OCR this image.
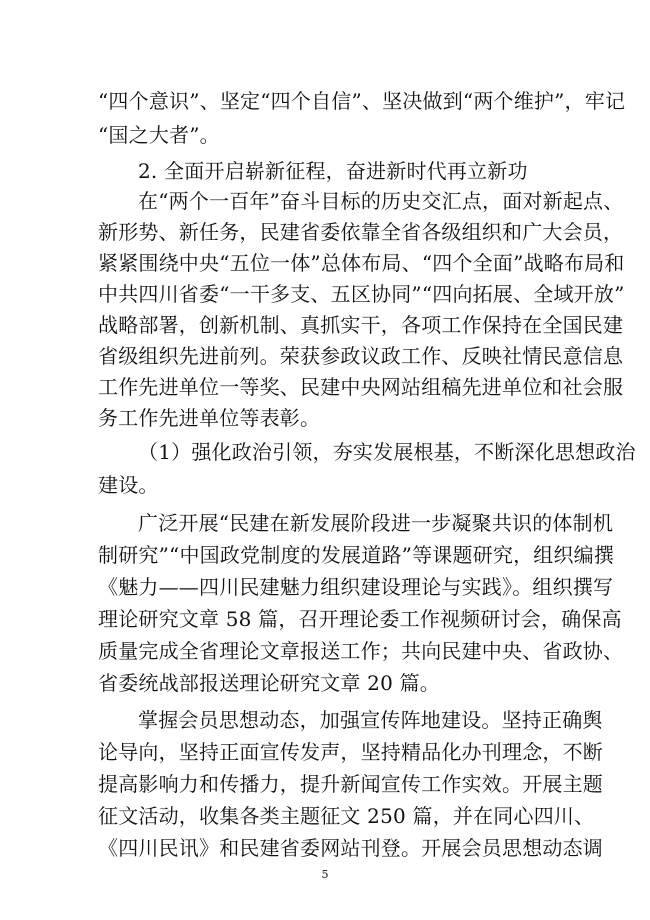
“四个意识”、坚定“四个自信”、坚决做到“两个维护”，牢记
“国之大者”。
2. 全面开启崭新征程，奋进新时代再立新功
在“两个一百年”奋斗目标的历史交汇点，面对新起点、
新形势、新任务，民建省委依靠全省各级组织和广大会员，
紧紧围绕中央“五位一体”总体布局、“四个全面”战略布局和
中共四川省委“一干多支、五区协同”“四向拓展、全域开放”
战略部署，创新机制、真抓实干，各项工作保持在全国民建
省级组织先进前列。荣获参政议政工作、反映社情民意信息
工作先进单位一等奖、民建中央网站组稿先进单位和社会服
务工作先进单位等表彰。
（1）强化政治引领，夯实发展根基，不断深化思想政治
建设。
广泛开展“民建在新发展阶段进一步凝聚共识的体制机
制研究”“中国政党制度的发展道路”等课题研究，组织编撰
《魅力——四川民建魅力组织建设理论与实践》。组织撰写
理论研究文章 58 篇，召开理论委工作视频研讨会，确保高
质量完成全省理论文章报送工作；共向民建中央、省政协、
省委统战部报送理论研究文章 20 篇。
掌握会员思想动态，加强宣传阵地建设。坚持正确舆
论导向，坚持正面宣传发声，坚持精品化办刊理念，不断
提高影响力和传播力，提升新闻宣传工作实效。开展主题
征文活动，收集各类主题征文 250 篇，并在同心四川、
《四川民讯》和民建省委网站刊登。开展会员思想动态调
5
